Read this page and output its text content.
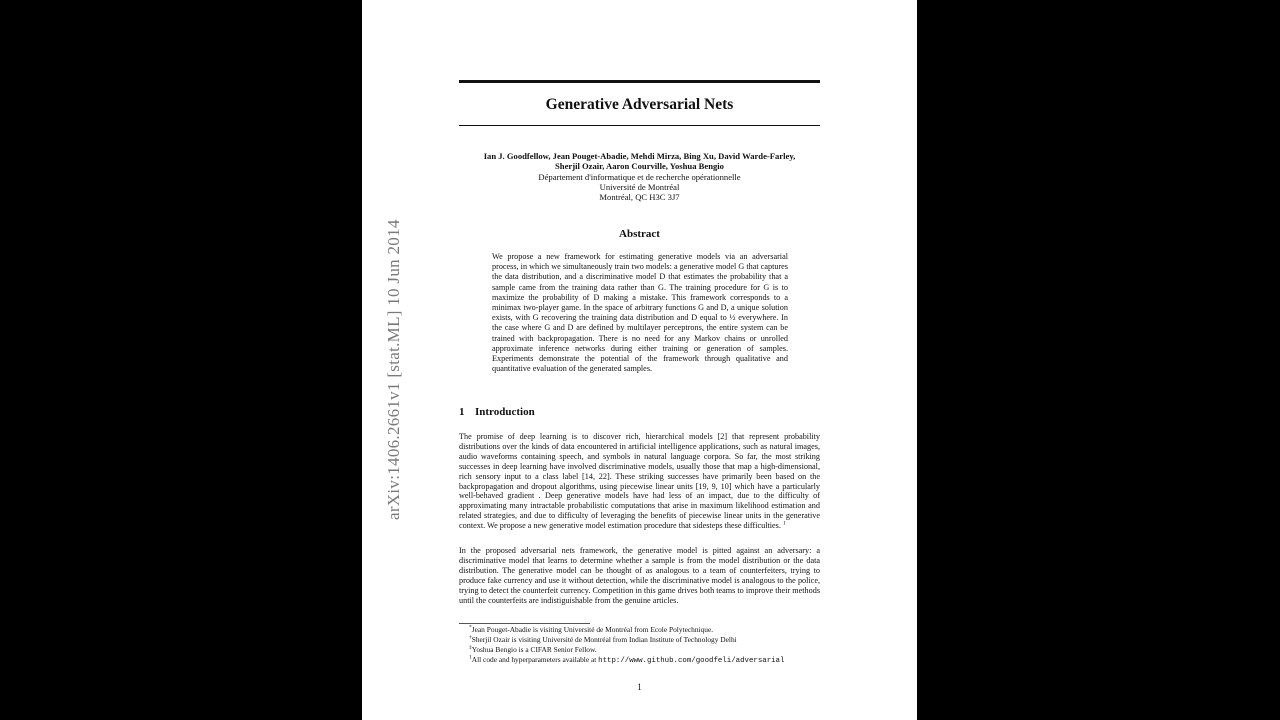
arXiv:1406.2661v1 [stat.ML] 10 Jun 2014
Generative Adversarial Nets
Ian J. Goodfellow, Jean Pouget-Abadie, Mehdi Mirza, Bing Xu, David Warde-Farley,
Sherjil Ozair, Aaron Courville, Yoshua Bengio
Département d'informatique et de recherche opérationnelle
Université de Montréal
Montréal, QC H3C 3J7
Abstract
We propose a new framework for estimating generative models via an adversarial process, in which we simultaneously train two models: a generative model G that captures the data distribution, and a discriminative model D that estimates the probability that a sample came from the training data rather than G. The training procedure for G is to maximize the probability of D making a mistake. This framework corresponds to a minimax two-player game. In the space of arbitrary functions G and D, a unique solution exists, with G recovering the training data distribution and D equal to ½ everywhere. In the case where G and D are defined by multilayer perceptrons, the entire system can be trained with backpropagation. There is no need for any Markov chains or unrolled approximate inference networks during either training or generation of samples. Experiments demonstrate the potential of the framework through qualitative and quantitative evaluation of the generated samples.
1 Introduction
The promise of deep learning is to discover rich, hierarchical models [2] that represent probability distributions over the kinds of data encountered in artificial intelligence applications, such as natural images, audio waveforms containing speech, and symbols in natural language corpora. So far, the most striking successes in deep learning have involved discriminative models, usually those that map a high-dimensional, rich sensory input to a class label [14, 22]. These striking successes have primarily been based on the backpropagation and dropout algorithms, using piecewise linear units [19, 9, 10] which have a particularly well-behaved gradient . Deep generative models have had less of an impact, due to the difficulty of approximating many intractable probabilistic computations that arise in maximum likelihood estimation and related strategies, and due to difficulty of leveraging the benefits of piecewise linear units in the generative context. We propose a new generative model estimation procedure that sidesteps these difficulties. $^1$
In the proposed adversarial nets framework, the generative model is pitted against an adversary: a discriminative model that learns to determine whether a sample is from the model distribution or the data distribution. The generative model can be thought of as analogous to a team of counterfeiters, trying to produce fake currency and use it without detection, while the discriminative model is analogous to the police, trying to detect the counterfeit currency. Competition in this game drives both teams to improve their methods until the counterfeits are indistiguishable from the genuine articles.
*Jean Pouget-Abadie is visiting Université de Montréal from Ecole Polytechnique.
†Sherjil Ozair is visiting Université de Montréal from Indian Institute of Technology Delhi
‡Yoshua Bengio is a CIFAR Senior Fellow.
$^1$All code and hyperparameters available at http://www.github.com/goodfeli/adversarial
1
